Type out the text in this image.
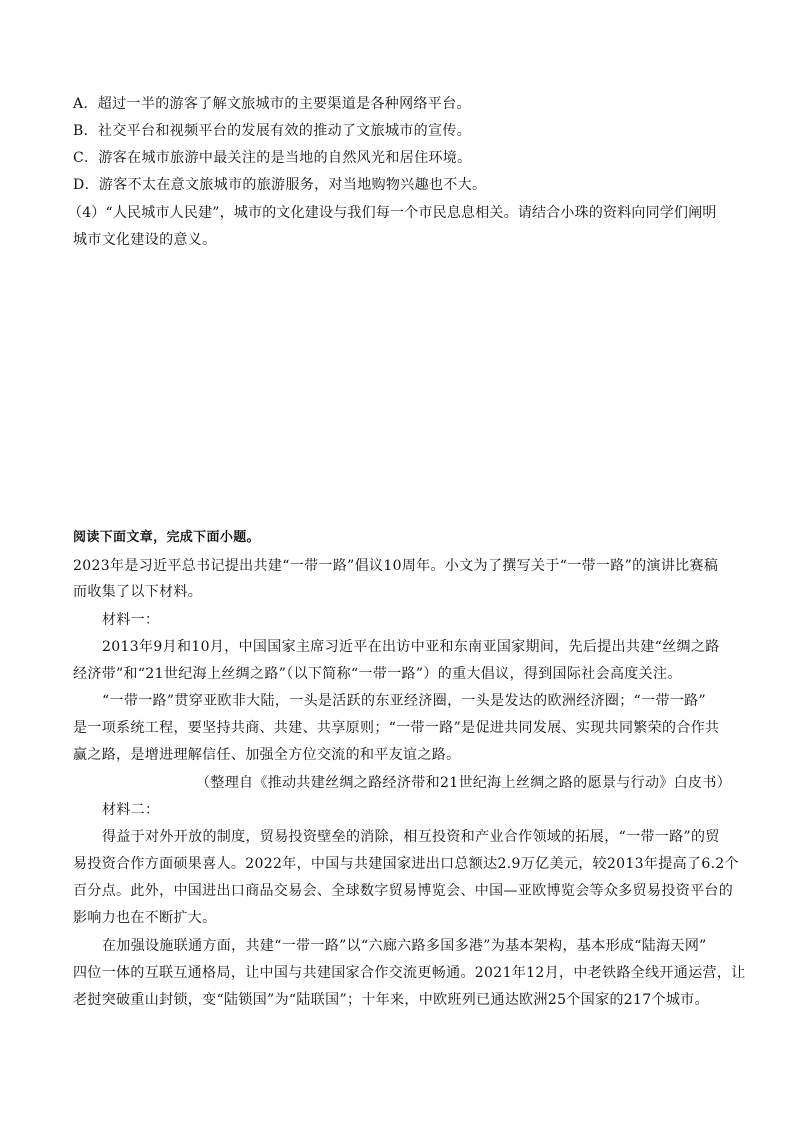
A．超过一半的游客了解文旅城市的主要渠道是各种网络平台。
B．社交平台和视频平台的发展有效的推动了文旅城市的宣传。
C．游客在城市旅游中最关注的是当地的自然风光和居住环境。
D．游客不太在意文旅城市的旅游服务，对当地购物兴趣也不大。
（4）“人民城市人民建”，城市的文化建设与我们每一个市民息息相关。请结合小珠的资料向同学们阐明
城市文化建设的意义。
阅读下面文章，完成下面小题。
2023年是习近平总书记提出共建“一带一路”倡议10周年。小文为了撰写关于“一带一路”的演讲比赛稿
而收集了以下材料。
材料一：
2013年9月和10月，中国国家主席习近平在出访中亚和东南亚国家期间，先后提出共建“丝绸之路
经济带”和“21世纪海上丝绸之路”（以下简称“一带一路”）的重大倡议，得到国际社会高度关注。
“一带一路”贯穿亚欧非大陆，一头是活跃的东亚经济圈，一头是发达的欧洲经济圈；“一带一路”
是一项系统工程，要坚持共商、共建、共享原则；“一带一路”是促进共同发展、实现共同繁荣的合作共
赢之路，是增进理解信任、加强全方位交流的和平友谊之路。
（整理自《推动共建丝绸之路经济带和21世纪海上丝绸之路的愿景与行动》白皮书）
材料二：
得益于对外开放的制度，贸易投资壁垒的消除，相互投资和产业合作领域的拓展，“一带一路”的贸
易投资合作方面硕果喜人。2022年，中国与共建国家进出口总额达2.9万亿美元，较2013年提高了6.2个
百分点。此外，中国进出口商品交易会、全球数字贸易博览会、中国—亚欧博览会等众多贸易投资平台的
影响力也在不断扩大。
在加强设施联通方面，共建“一带一路”以“六廊六路多国多港”为基本架构，基本形成“陆海天网”
四位一体的互联互通格局，让中国与共建国家合作交流更畅通。2021年12月，中老铁路全线开通运营，让
老挝突破重山封锁，变“陆锁国”为“陆联国”；十年来，中欧班列已通达欧洲25个国家的217个城市。
